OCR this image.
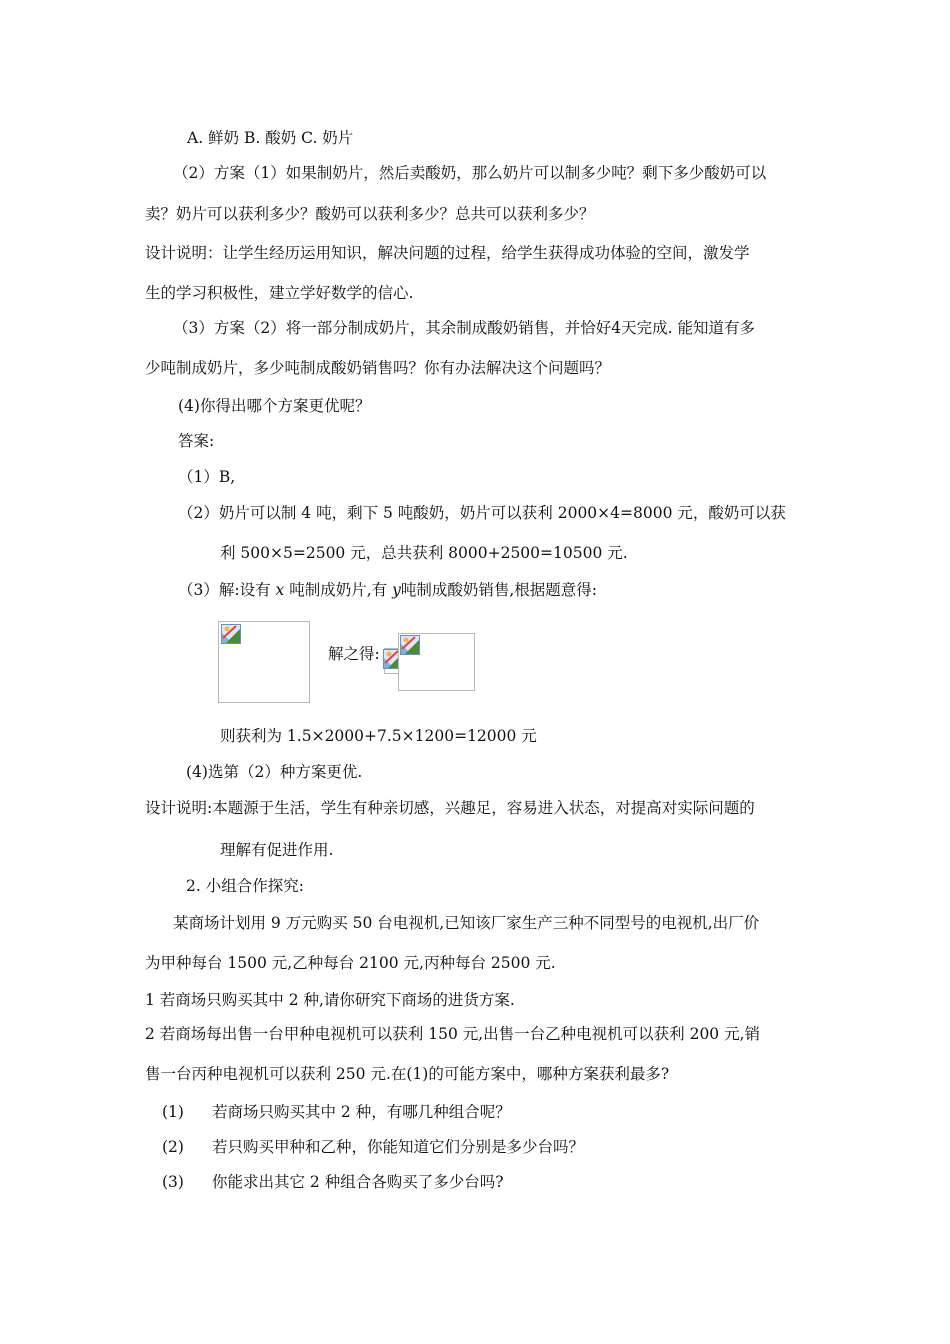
A. 鲜奶 B. 酸奶 C. 奶片
（2）方案（1）如果制奶片，然后卖酸奶，那么奶片可以制多少吨？剩下多少酸奶可以
卖？奶片可以获利多少？酸奶可以获利多少？总共可以获利多少？
设计说明：让学生经历运用知识，解决问题的过程，给学生获得成功体验的空间，激发学
生的学习积极性，建立学好数学的信心.
（3）方案（2）将一部分制成奶片，其余制成酸奶销售，并恰好4天完成. 能知道有多
少吨制成奶片，多少吨制成酸奶销售吗？你有办法解决这个问题吗？
(4)你得出哪个方案更优呢？
答案:
（1）B,
（2）奶片可以制 4 吨，剩下 5 吨酸奶，奶片可以获利 2000×4=8000 元，酸奶可以获
利 500×5=2500 元，总共获利 8000+2500=10500 元.
（3）解:设有 x 吨制成奶片,有 y吨制成酸奶销售,根据题意得:
解之得:
则获利为 1.5×2000+7.5×1200=12000 元
(4)选第（2）种方案更优.
设计说明:本题源于生活，学生有种亲切感，兴趣足，容易进入状态，对提高对实际问题的
理解有促进作用.
2. 小组合作探究:
某商场计划用 9 万元购买 50 台电视机,已知该厂家生产三种不同型号的电视机,出厂价
为甲种每台 1500 元,乙种每台 2100 元,丙种每台 2500 元.
1 若商场只购买其中 2 种,请你研究下商场的进货方案.
2 若商场每出售一台甲种电视机可以获利 150 元,出售一台乙种电视机可以获利 200 元,销
售一台丙种电视机可以获利 250 元.在(1)的可能方案中，哪种方案获利最多?
(1) 若商场只购买其中 2 种，有哪几种组合呢？
(2) 若只购买甲种和乙种，你能知道它们分别是多少台吗？
(3) 你能求出其它 2 种组合各购买了多少台吗?
